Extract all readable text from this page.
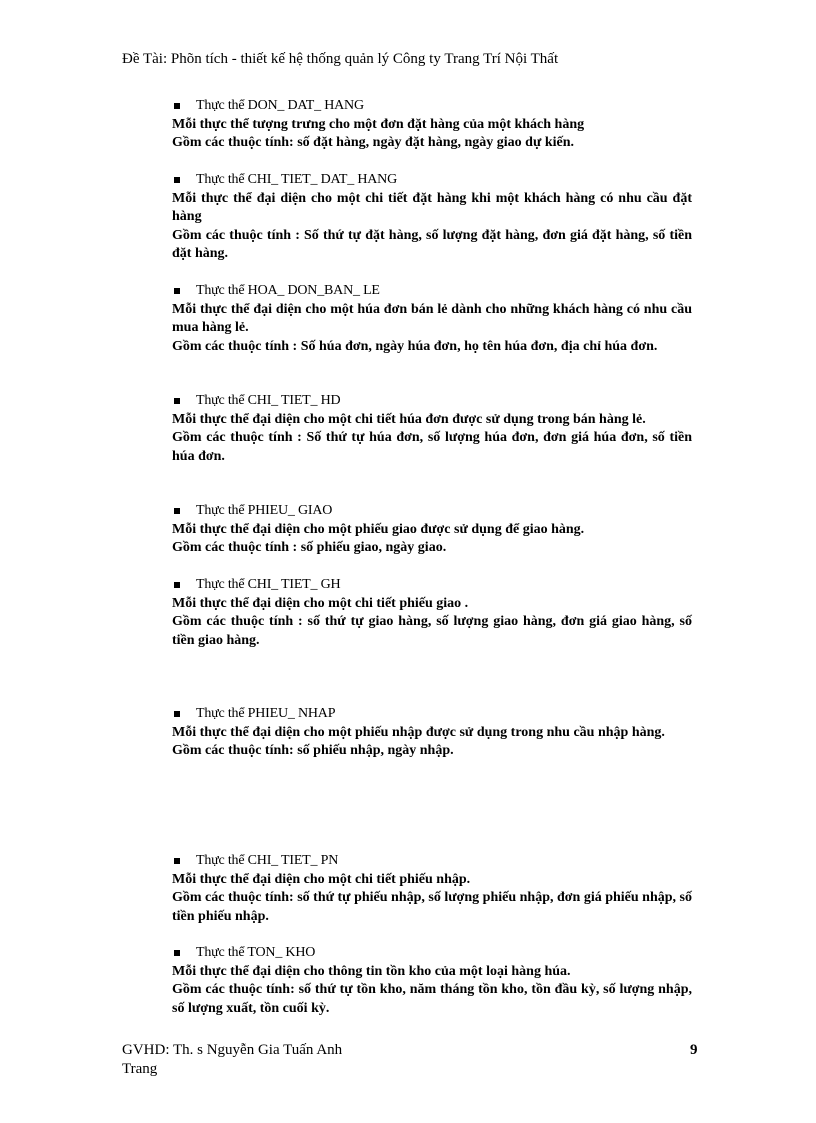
Đề Tài: Phõn tích - thiết kế hệ thống quản lý Công ty Trang Trí Nội Thất
Thực thể DON_ DAT_ HANG
Mỗi thực thể tượng trưng cho một đơn đặt hàng của một khách hàng
Gồm các thuộc tính: số đặt hàng, ngày đặt hàng, ngày giao dự kiến.
Thực thể CHI_ TIET_ DAT_ HANG
Mỗi thực thể đại diện cho một chi tiết đặt hàng khi một khách hàng có nhu cầu đặt hàng
Gồm các thuộc tính : Số thứ tự đặt hàng, số lượng đặt hàng, đơn giá đặt hàng, số tiền đặt hàng.
Thực thể HOA_ DON_BAN_ LE
Mỗi thực thể đại diện cho một húa đơn bán lẻ dành cho những khách hàng có nhu cầu mua hàng lẻ.
Gồm các thuộc tính : Số húa đơn, ngày húa đơn, họ tên húa đơn, địa chỉ húa đơn.
Thực thể CHI_ TIET_ HD
Mỗi thực thể đại diện cho một chi tiết húa đơn được sử dụng trong bán hàng lẻ.
Gồm các thuộc tính : Số thứ tự húa đơn, số lượng húa đơn, đơn giá húa đơn, số tiền húa đơn.
Thực thể PHIEU_ GIAO
Mỗi thực thể đại diện cho một phiếu giao được sử dụng để giao hàng.
Gồm các thuộc tính : số phiếu giao, ngày giao.
Thực thể CHI_ TIET_ GH
Mỗi thực thể đại diện cho một chi tiết phiếu giao .
Gồm các thuộc tính : số thứ tự giao hàng, số lượng giao hàng, đơn giá giao hàng, số tiền giao hàng.
Thực thể PHIEU_ NHAP
Mỗi thực thể đại diện cho một phiếu nhập được sử dụng trong nhu cầu nhập hàng.
Gồm các thuộc tính: số phiếu nhập, ngày nhập.
Thực thể CHI_ TIET_ PN
Mỗi thực thể đại diện cho một chi tiết phiếu nhập.
Gồm các thuộc tính: số thứ tự phiếu nhập, số lượng phiếu nhập, đơn giá phiếu nhập, số tiền phiếu nhập.
Thực thể TON_ KHO
Mỗi thực thể đại diện cho thông tin tồn kho của một loại hàng húa.
Gồm các thuộc tính: số thứ tự tồn kho, năm tháng tồn kho, tồn đầu kỳ, số lượng nhập, số lượng xuất, tồn cuối kỳ.
GVHD: Th. s Nguyễn Gia Tuấn Anh
Trang
9
